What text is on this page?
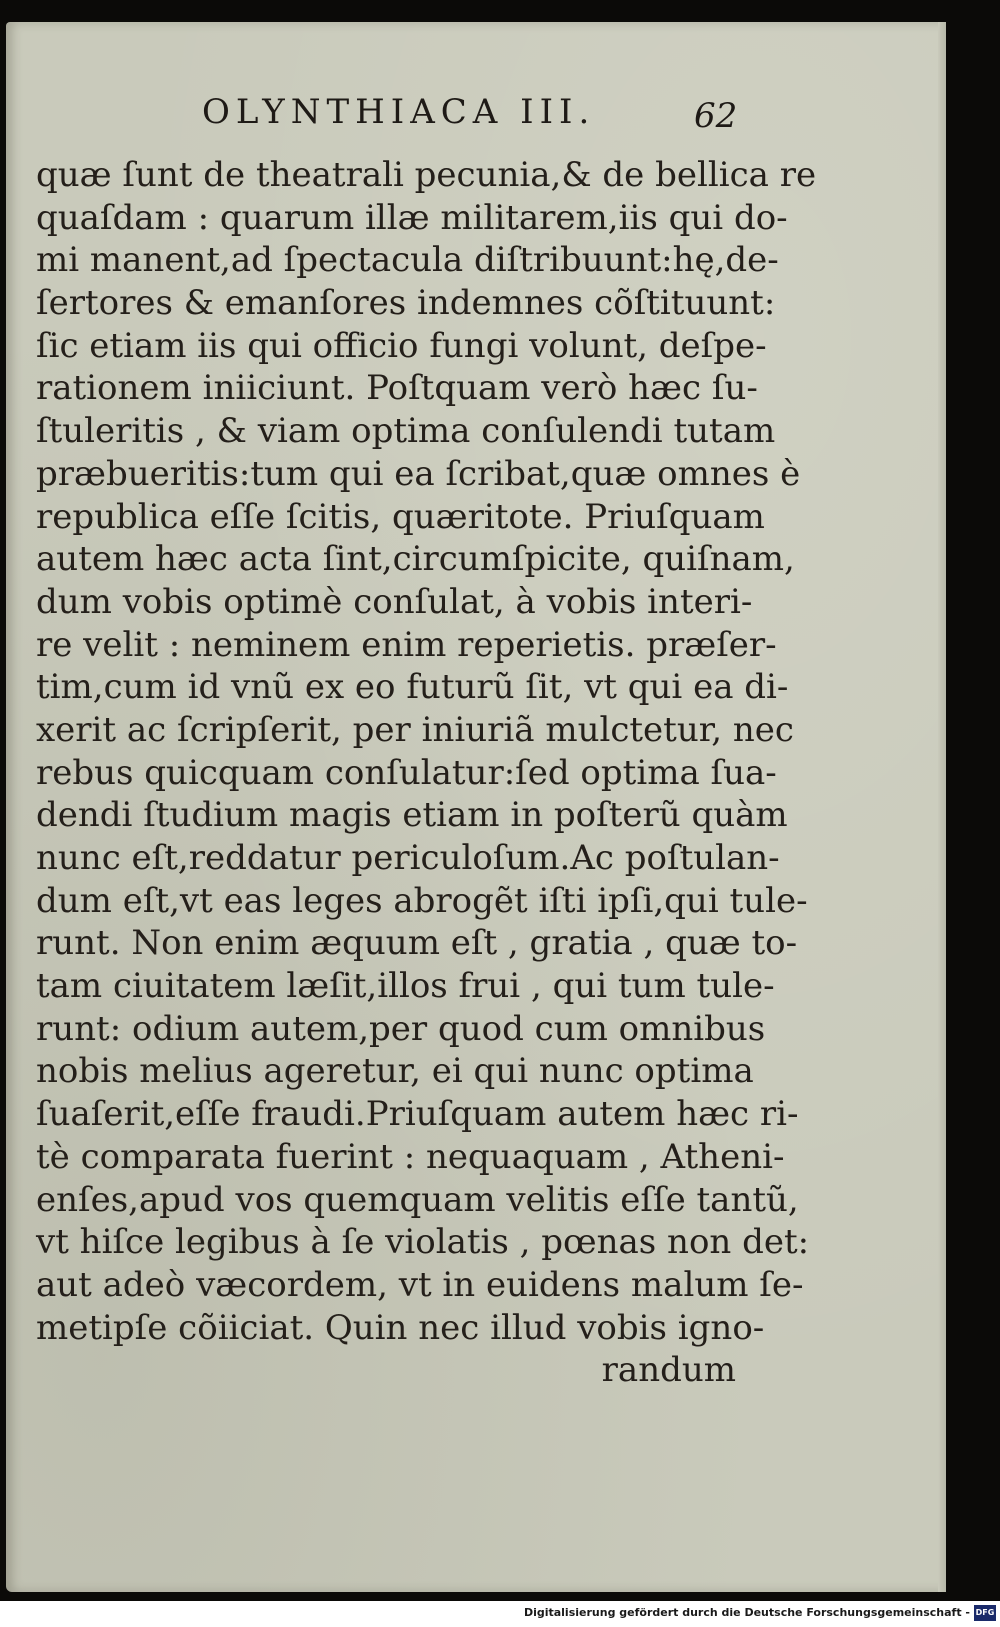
OLYNTHIACA III.	62
quæ ſunt de theatrali pecunia,& de bellica re
quaſdam : quarum illæ militarem,iis qui do-
mi manent,ad ſpectacula diſtribuunt:hę,de-
ſertores & emanſores indemnes cõſtituunt:
ſic etiam iis qui officio fungi volunt, deſpe-
rationem iniiciunt. Poſtquam verò hæc ſu-
ſtuleritis , & viam optima conſulendi tutam
præbueritis:tum qui ea ſcribat,quæ omnes è
republica eſſe ſcitis, quæritote. Priuſquam
autem hæc acta ſint,circumſpicite, quiſnam,
dum vobis optimè conſulat, à vobis interi-
re velit : neminem enim reperietis. præſer-
tim,cum id vnũ ex eo futurũ ſit, vt qui ea di-
xerit ac ſcripſerit, per iniuriã mulctetur, nec
rebus quicquam conſulatur:ſed optima ſua-
dendi ſtudium magis etiam in poſterũ quàm
nunc eſt,reddatur periculoſum.Ac poſtulan-
dum eſt,vt eas leges abrogẽt iſti ipſi,qui tule-
runt. Non enim æquum eſt , gratia , quæ to-
tam ciuitatem læſit,illos frui , qui tum tule-
runt: odium autem,per quod cum omnibus
nobis melius ageretur, ei qui nunc optima
ſuaſerit,eſſe fraudi.Priuſquam autem hæc ri-
tè comparata fuerint : nequaquam , Atheni-
enſes,apud vos quemquam velitis eſſe tantũ,
vt hiſce legibus à ſe violatis , pœnas non det:
aut adeò væcordem, vt in euidens malum ſe-
metipſe cõiiciat. Quin nec illud vobis igno-
randum
Digitalisierung gefördert durch die Deutsche Forschungsgemeinschaft - DFG
